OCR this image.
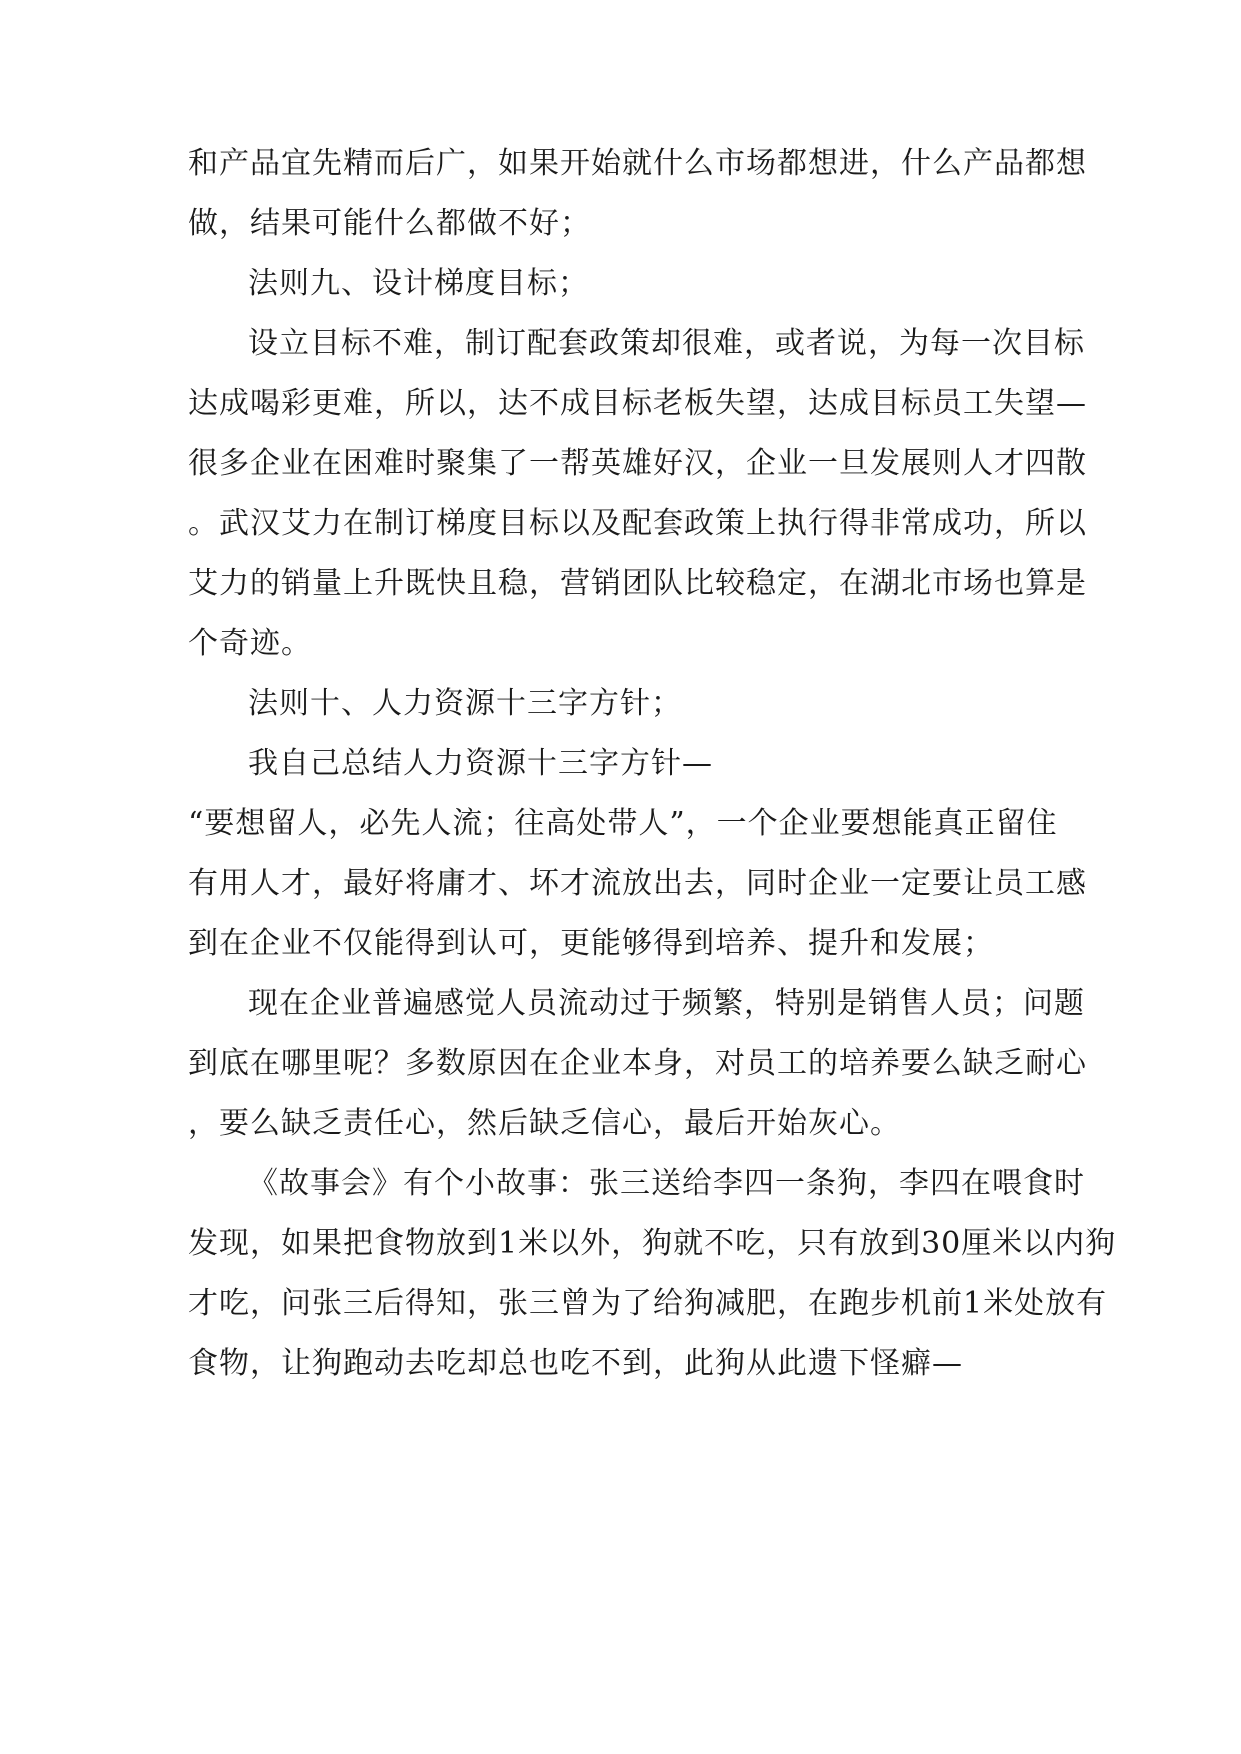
和产品宜先精而后广，如果开始就什么市场都想进，什么产品都想
做，结果可能什么都做不好；
法则九、设计梯度目标；
设立目标不难，制订配套政策却很难，或者说，为每一次目标
达成喝彩更难，所以，达不成目标老板失望，达成目标员工失望—
很多企业在困难时聚集了一帮英雄好汉，企业一旦发展则人才四散
。武汉艾力在制订梯度目标以及配套政策上执行得非常成功，所以
艾力的销量上升既快且稳，营销团队比较稳定，在湖北市场也算是
个奇迹。
法则十、人力资源十三字方针；
我自己总结人力资源十三字方针—
“要想留人，必先人流；往高处带人”，一个企业要想能真正留住
有用人才，最好将庸才、坏才流放出去，同时企业一定要让员工感
到在企业不仅能得到认可，更能够得到培养、提升和发展；
现在企业普遍感觉人员流动过于频繁，特别是销售人员；问题
到底在哪里呢？多数原因在企业本身，对员工的培养要么缺乏耐心
，要么缺乏责任心，然后缺乏信心，最后开始灰心。
《故事会》有个小故事：张三送给李四一条狗，李四在喂食时
发现，如果把食物放到1米以外，狗就不吃，只有放到30厘米以内狗
才吃，问张三后得知，张三曾为了给狗减肥，在跑步机前1米处放有
食物，让狗跑动去吃却总也吃不到，此狗从此遗下怪癖—
